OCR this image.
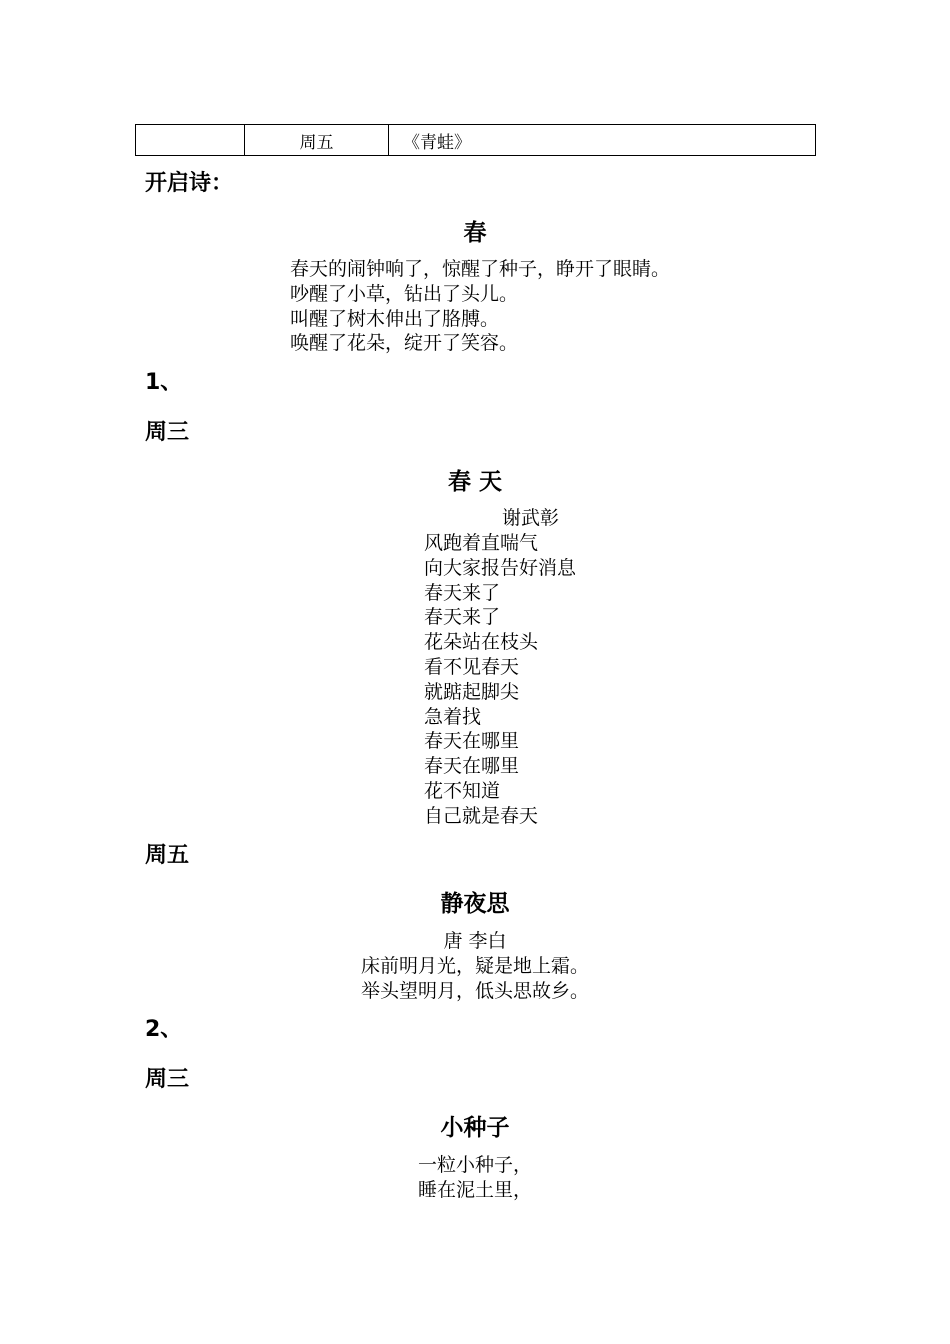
	周五	《青蛙》
开启诗：
春
春天的闹钟响了，惊醒了种子，睁开了眼睛。
吵醒了小草，钻出了头儿。
叫醒了树木伸出了胳膊。
唤醒了花朵，绽开了笑容。
1、
周三
春 天
谢武彰
风跑着直喘气
向大家报告好消息
春天来了
春天来了
花朵站在枝头
看不见春天
就踮起脚尖
急着找
春天在哪里
春天在哪里
花不知道
自己就是春天
周五
静夜思
唐 李白
床前明月光，疑是地上霜。
举头望明月，低头思故乡。
2、
周三
小种子
一粒小种子，
睡在泥土里，
